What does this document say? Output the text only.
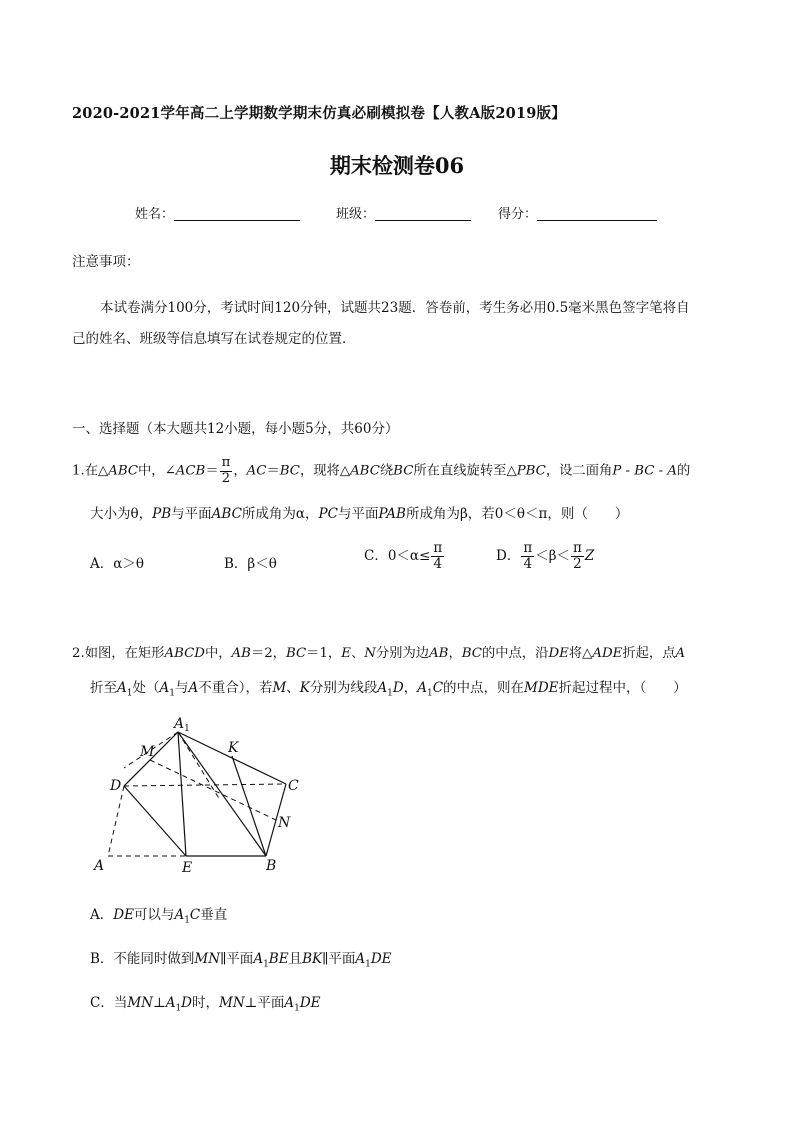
2020-2021学年高二上学期数学期末仿真必刷模拟卷【人教A版2019版】
期末检测卷06
姓名：	班级：	得分：
注意事项：
本试卷满分100分，考试时间120分钟，试题共23题．答卷前，考生务必用0.5毫米黑色签字笔将自
己的姓名、班级等信息填写在试卷规定的位置．
一、选择题（本大题共12小题，每小题5分，共60分）
1.在△ABC中，∠ACB＝ $\frac{\pi}{2}$ ，AC＝BC，现将△ABC绕BC所在直线旋转至△PBC，设二面角P - BC - A的
大小为θ，PB与平面ABC所成角为α，PC与平面PAB所成角为β，若0＜θ＜π，则（　　）
A．α＞θ	B．β＜θ
C．$0<\alpha\le \frac{\pi}{4}$	D． $\frac{\pi}{4} <\beta< \frac{\pi}{2}$ Z
2.如图，在矩形ABCD中，AB＝2，BC＝1，E、N分别为边AB，BC的中点，沿DE将△ADE折起，点A
折至$A_1$处（$A_1$与A不重合），若M、K分别为线段$A_1D$，$A_1C$的中点，则在MDE折起过程中，（　　）
$A_1$
M	K
D	C
N
A	E	B
A．DE可以与$A_1C$垂直
B．不能同时做到MN∥平面$A_1BE$且BK∥平面$A_1DE$
C．当$MN\perp A_1D$时，MN⊥平面$A_1DE$
